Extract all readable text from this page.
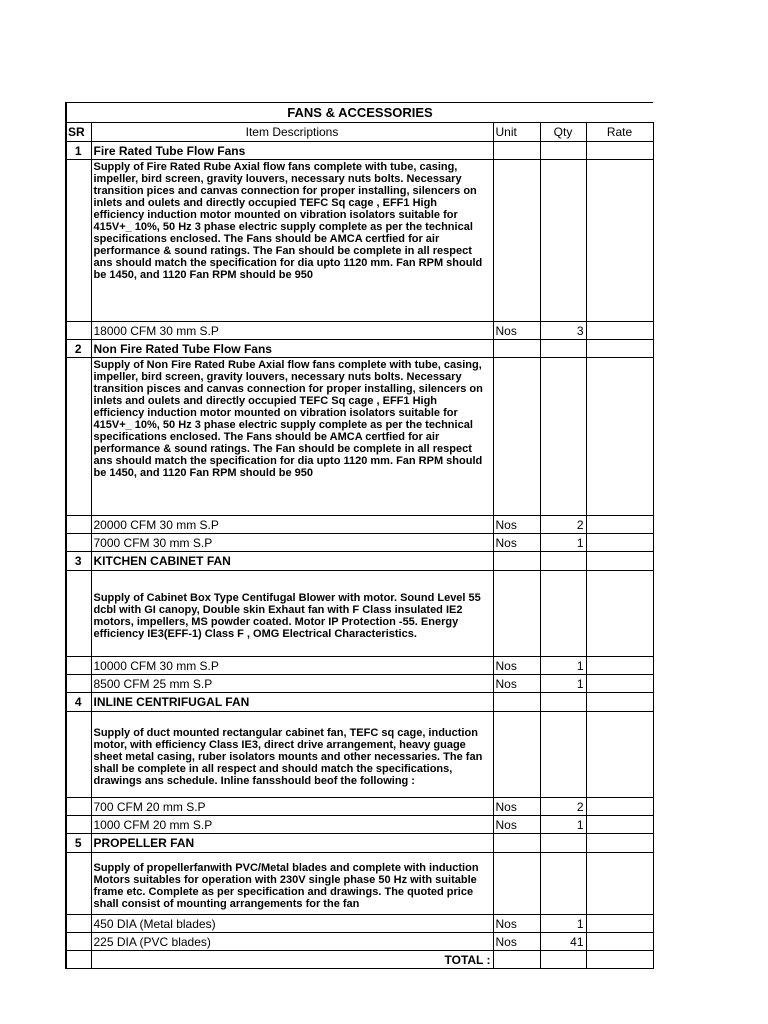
FANS & ACCESSORIES				
SR	Item Descriptions	Unit	Qty	Rate
1	Fire Rated Tube Flow Fans			
	Supply of Fire Rated Rube Axial flow fans complete with tube, casing, impeller, bird screen, gravity louvers, necessary nuts bolts. Necessary transition pices and canvas connection for proper installing, silencers on inlets and oulets and directly occupied TEFC Sq cage , EFF1 High efficiency induction motor mounted on vibration isolators suitable for 415V+_ 10%, 50 Hz 3 phase electric supply complete as per the technical specifications enclosed. The Fans should be AMCA certfied for air performance & sound ratings. The Fan should be complete in all respect ans should match the specification for dia upto 1120 mm. Fan RPM should be 1450, and 1120 Fan RPM should be 950			
	18000 CFM 30 mm S.P	Nos	3	
2	Non Fire Rated Tube Flow Fans			
	Supply of Non Fire Rated Rube Axial flow fans complete with tube, casing, impeller, bird screen, gravity louvers, necessary nuts bolts. Necessary transition pisces and canvas connection for proper installing, silencers on inlets and oulets and directly occupied TEFC Sq cage , EFF1 High efficiency induction motor mounted on vibration isolators suitable for 415V+_ 10%, 50 Hz 3 phase electric supply complete as per the technical specifications enclosed. The Fans should be AMCA certfied for air performance & sound ratings. The Fan should be complete in all respect ans should match the specification for dia upto 1120 mm. Fan RPM should be 1450, and 1120 Fan RPM should be 950			
	20000 CFM 30 mm S.P	Nos	2	
	7000 CFM 30 mm S.P	Nos	1	
3	KITCHEN CABINET FAN			
	Supply of Cabinet Box Type Centifugal Blower with motor. Sound Level 55 dcbl with GI canopy, Double skin Exhaut fan with F Class insulated IE2 motors, impellers, MS powder coated. Motor IP Protection -55. Energy efficiency IE3(EFF-1) Class F , OMG Electrical Characteristics.			
	10000 CFM 30 mm S.P	Nos	1	
	8500 CFM 25 mm S.P	Nos	1	
4	INLINE CENTRIFUGAL FAN			
	Supply of duct mounted rectangular cabinet fan, TEFC sq cage, induction motor, with efficiency Class IE3, direct drive arrangement, heavy guage sheet metal casing, ruber isolators mounts and other necessaries. The fan shall be complete in all respect and should match the specifications, drawings ans schedule. Inline fansshould beof the following :			
	700 CFM 20 mm S.P	Nos	2	
	1000 CFM 20 mm S.P	Nos	1	
5	PROPELLER FAN			
	Supply of propellerfanwith PVC/Metal blades and complete with induction Motors suitables for operation with 230V single phase 50 Hz with suitable frame etc. Complete as per specification and drawings. The quoted price shall consist of mounting arrangements for the fan			
	450 DIA (Metal blades)	Nos	1	
	225 DIA (PVC blades)	Nos	41	
	TOTAL :			
